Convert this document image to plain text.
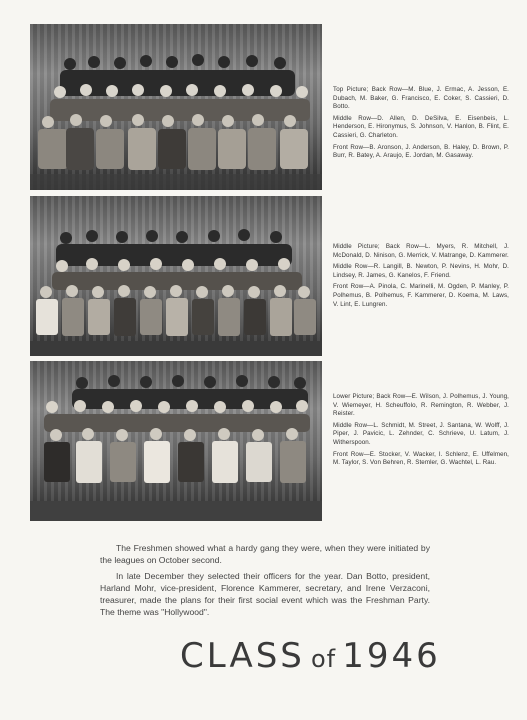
Top Picture; Back Row—M. Blue, J. Ermac, A. Jesson, E. Dubach, M. Baker, G. Francisco, E. Coker, S. Cassieri, D. Botto.

Middle Row—D. Allen, D. DeSilva, E. Eisenbeis, L. Henderson, E. Hironymus, S. Johnson, V. Hanlon, B. Flint, E. Cassieri, G. Charleton.

Front Row—B. Aronson, J. Anderson, B. Haley, D. Brown, P. Burr, R. Batey, A. Araujo, E. Jordan, M. Gasaway.

Middle Picture; Back Row—L. Myers, R. Mitchell, J. McDonald, D. Ninison, G. Merrick, V. Matrange, D. Kammerer.

Middle Row—R. Langill, B. Newton, P. Nevins, H. Mohr, D. Lindsey, R. James, G. Kanelos, F. Friend.

Front Row—A. Pinola, C. Marinelli, M. Ogden, P. Manley, P. Polhemus, B. Polhemus, F. Kammerer, D. Koema, M. Laws, V. Lint, E. Lungren.

Lower Picture; Back Row—E. Wilson, J. Polhemus, J. Young, V. Wiemeyer, H. Scheuffolo, R. Remington, R. Webber, J. Reister.

Middle Row—L. Schmidt, M. Street, J. Santana, W. Wolff, J. Piper, J. Pavicic, L. Zehnder, C. Schrieve, U. Latum, J. Witherspoon.

Front Row—E. Stocker, V. Wacker, I. Schlenz, E. Uffelmen, M. Taylor, S. Von Behren, R. Stemler, G. Wachtel, L. Rau.

The Freshmen showed what a hardy gang they were, when they were initiated by the leagues on October second.

In late December they selected their officers for the year. Dan Botto, president, Harland Mohr, vice-president, Florence Kammerer, secretary, and Irene Verzaconi, treasurer, made the plans for their first social event which was the Freshman Party. The theme was "Hollywood".

CLASS of 1946
